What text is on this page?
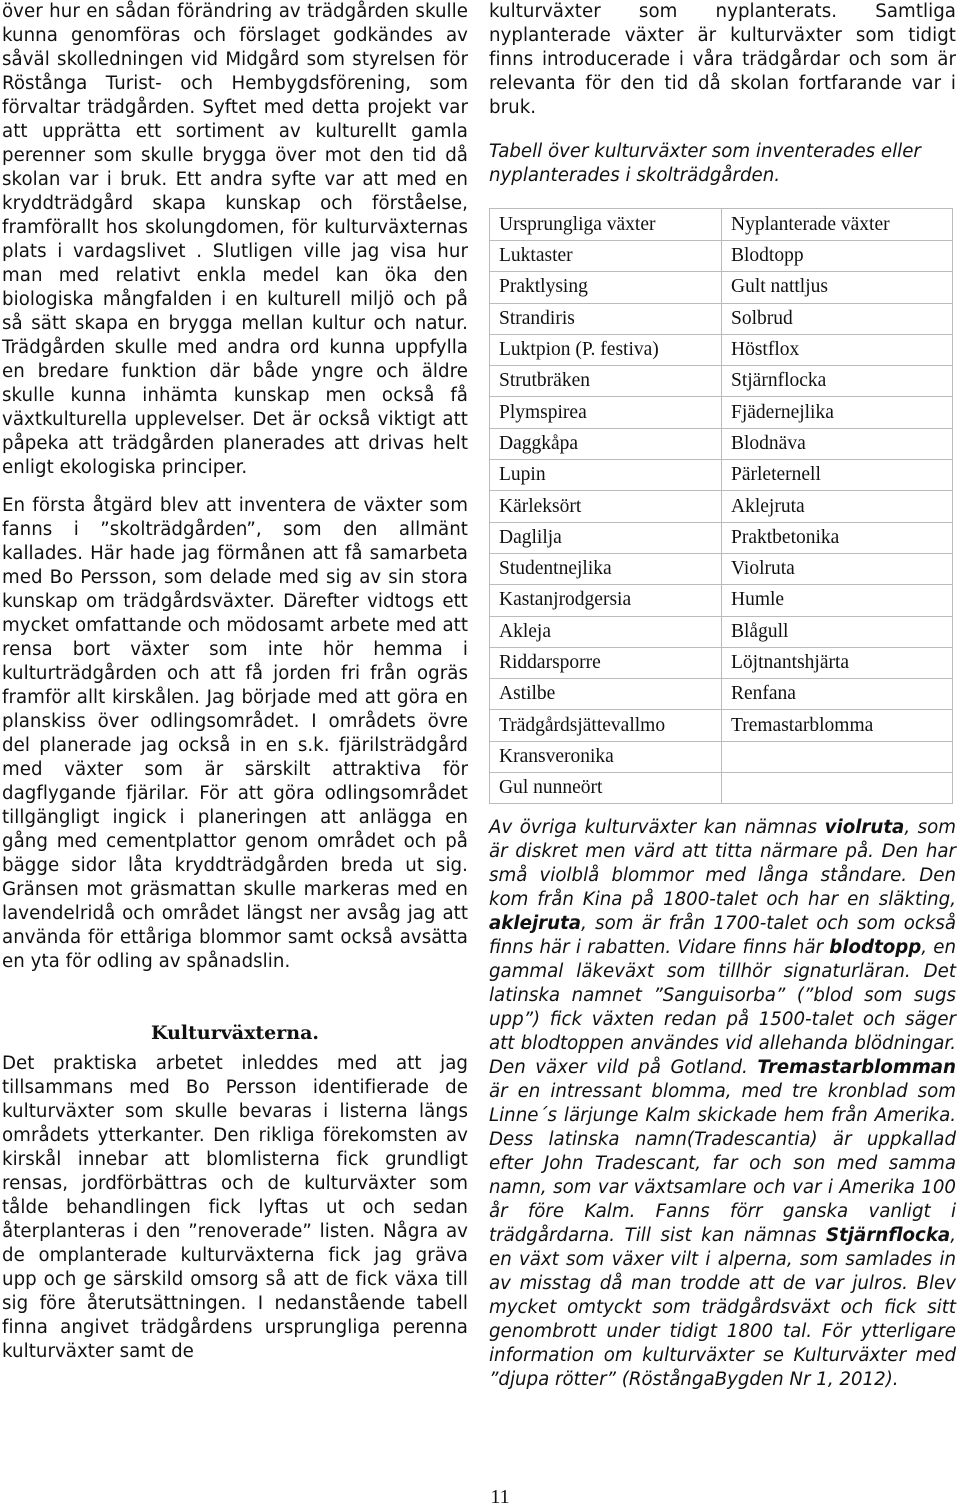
över hur en sådan förändring av trädgården skulle kunna genomföras och förslaget godkändes av såväl skolledningen vid Midgård som styrelsen för Röstånga Turist- och Hembygdsförening, som förvaltar trädgården. Syftet med detta projekt var att upprätta ett sortiment av kulturellt gamla perenner som skulle brygga över mot den tid då skolan var i bruk. Ett andra syfte var att med en kryddträdgård skapa kunskap och förståelse, framförallt hos skolungdomen, för kulturväxternas plats i vardagslivet . Slutligen ville jag visa hur man med relativt enkla medel kan öka den biologiska mångfalden i en kulturell miljö och på så sätt skapa en brygga mellan kultur och natur. Trädgården skulle med andra ord kunna uppfylla en bredare funktion där både yngre och äldre skulle kunna inhämta kunskap men också få växtkulturella upplevelser. Det är också viktigt att påpeka att trädgården planerades att drivas helt enligt ekologiska principer.

En första åtgärd blev att inventera de växter som fanns i ”skolträdgården”, som den allmänt kallades. Här hade jag förmånen att få samarbeta med Bo Persson, som delade med sig av sin stora kunskap om trädgårdsväxter. Därefter vidtogs ett mycket omfattande och mödosamt arbete med att rensa bort växter som inte hör hemma i kulturträdgården och att få jorden fri från ogräs framför allt kirskålen. Jag började med att göra en planskiss över odlingsområdet. I områdets övre del planerade jag också in en s.k. fjärilsträdgård med växter som är särskilt attraktiva för dagflygande fjärilar. För att göra odlingsområdet tillgängligt ingick i planeringen att anlägga en gång med cementplattor genom området och på bägge sidor låta kryddträdgården breda ut sig. Gränsen mot gräsmattan skulle markeras med en lavendelridå och området längst ner avsåg jag att använda för ettåriga blommor samt också avsätta en yta för odling av spånadslin.

Kulturväxterna.

Det praktiska arbetet inleddes med att jag tillsammans med Bo Persson identifierade de kulturväxter som skulle bevaras i listerna längs områdets ytterkanter. Den rikliga förekomsten av kirskål innebar att blomlisterna fick grundligt rensas, jordförbättras och de kulturväxter som tålde behandlingen fick lyftas ut och sedan återplanteras i den ”renoverade” listen. Några av de omplanterade kulturväxterna fick jag gräva upp och ge särskild omsorg så att de fick växa till sig före återutsättningen. I nedanstående tabell finna angivet trädgårdens ursprungliga perenna kulturväxter samt de

kulturväxter som nyplanterats. Samtliga nyplanterade växter är kulturväxter som tidigt finns introducerade i våra trädgårdar och som är relevanta för den tid då skolan fortfarande var i bruk.

Tabell över kulturväxter som inventerades eller nyplanterades i skolträdgården.

Ursprungliga växter	Nyplanterade växter
Luktaster	Blodtopp
Praktlysing	Gult nattljus
Strandiris	Solbrud
Luktpion (P. festiva)	Höstflox
Strutbräken	Stjärnflocka
Plymspirea	Fjädernejlika
Daggkåpa	Blodnäva
Lupin	Pärleternell
Kärleksört	Aklejruta
Daglilja	Praktbetonika
Studentnejlika	Violruta
Kastanjrodgersia	Humle
Akleja	Blågull
Riddarsporre	Löjtnantshjärta
Astilbe	Renfana
Trädgårdsjättevallmo	Tremastarblomma
Kransveronika	
Gul nunneört	

Av övriga kulturväxter kan nämnas violruta, som är diskret men värd att titta närmare på. Den har små violblå blommor med långa ståndare. Den kom från Kina på 1800-talet och har en släkting, aklejruta, som är från 1700-talet och som också finns här i rabatten. Vidare finns här blodtopp, en gammal läkeväxt som tillhör signaturläran. Det latinska namnet ”Sanguisorba” (”blod som sugs upp”) fick växten redan på 1500-talet och säger att blodtoppen användes vid allehanda blödningar. Den växer vild på Gotland. Tremastarblomman är en intressant blomma, med tre kronblad som Linne´s lärjunge Kalm skickade hem från Amerika. Dess latinska namn(Tradescantia) är uppkallad efter John Tradescant, far och son med samma namn, som var växtsamlare och var i Amerika 100 år före Kalm. Fanns förr ganska vanligt i trädgårdarna. Till sist kan nämnas Stjärnflocka, en växt som växer vilt i alperna, som samlades in av misstag då man trodde att de var julros. Blev mycket omtyckt som trädgårdsväxt och fick sitt genombrott under tidigt 1800 tal. För ytterligare information om kulturväxter se Kulturväxter med ”djupa rötter” (RöstångaBygden Nr 1, 2012).

11
